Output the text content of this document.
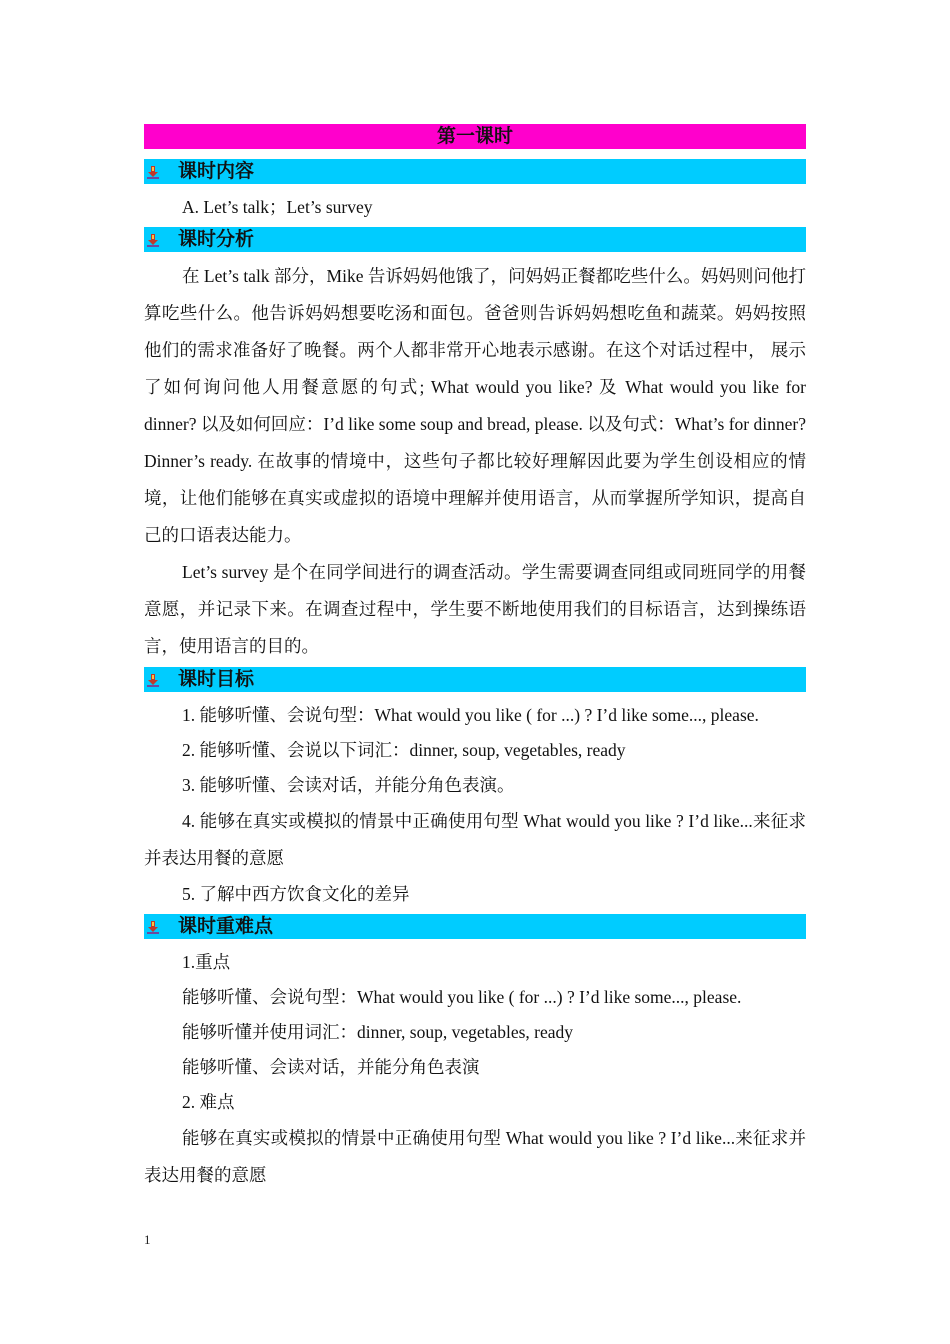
第一课时
课时内容

A. Let’s talk；Let’s survey

课时分析

在 Let’s talk 部分，Mike 告诉妈妈他饿了，问妈妈正餐都吃些什么。妈妈则问他打算吃些什么。他告诉妈妈想要吃汤和面包。爸爸则告诉妈妈想吃鱼和蔬菜。妈妈按照他们的需求准备好了晚餐。两个人都非常开心地表示感谢。在这个对话过程中， 展示了如何询问他人用餐意愿的句式; What would you like? 及 What would you like for dinner? 以及如何回应：I’d like some soup and bread, please. 以及句式：What’s for dinner? Dinner’s ready. 在故事的情境中，这些句子都比较好理解因此要为学生创设相应的情境，让他们能够在真实或虚拟的语境中理解并使用语言，从而掌握所学知识，提高自己的口语表达能力。

Let’s survey 是个在同学间进行的调查活动。学生需要调查同组或同班同学的用餐意愿，并记录下来。在调查过程中，学生要不断地使用我们的目标语言，达到操练语言，使用语言的目的。

课时目标

1. 能够听懂、会说句型：What would you like ( for ...) ? I’d like some..., please.

2. 能够听懂、会说以下词汇：dinner, soup, vegetables, ready

3. 能够听懂、会读对话，并能分角色表演。

4. 能够在真实或模拟的情景中正确使用句型 What would you like ? I’d like...来征求并表达用餐的意愿

5. 了解中西方饮食文化的差异

课时重难点

1.重点

能够听懂、会说句型：What would you like ( for ...) ? I’d like some..., please.

能够听懂并使用词汇：dinner, soup, vegetables, ready

能够听懂、会读对话，并能分角色表演

2. 难点

能够在真实或模拟的情景中正确使用句型 What would you like ? I’d like...来征求并表达用餐的意愿

1
